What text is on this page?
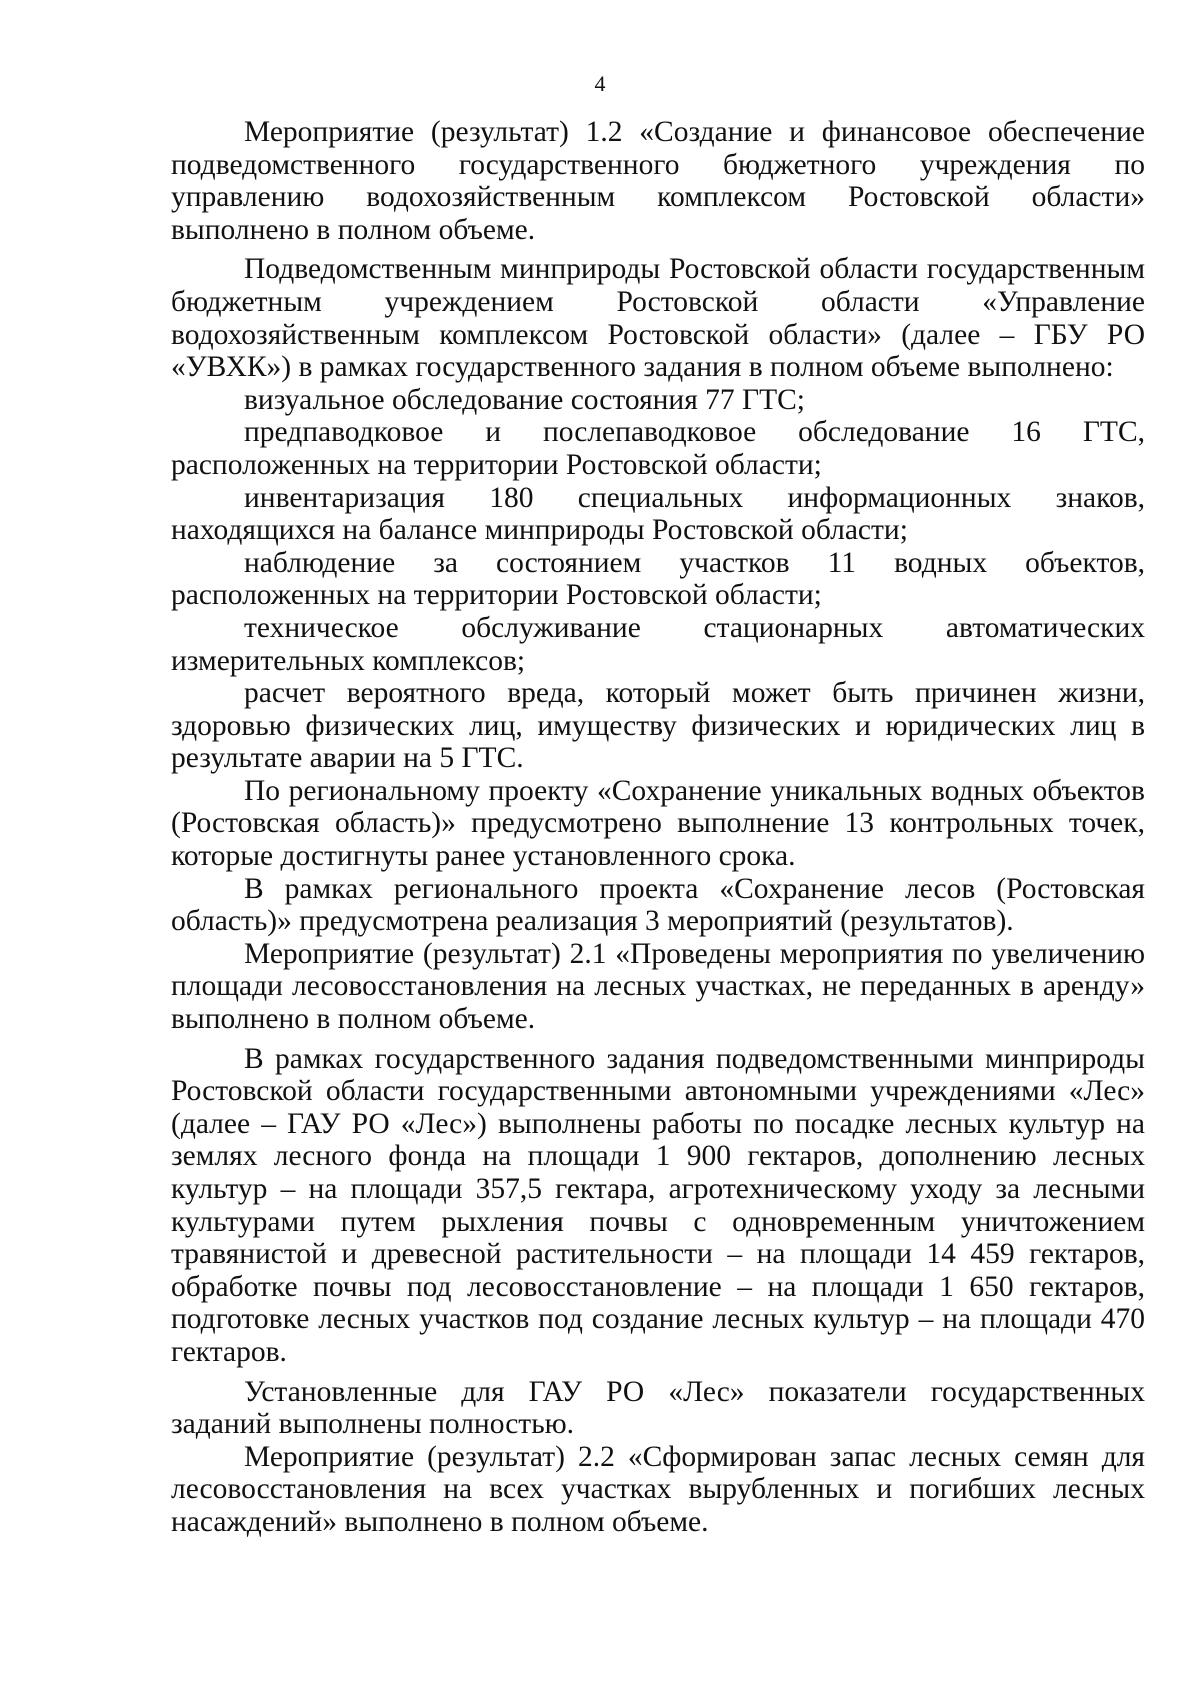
4

Мероприятие (результат) 1.2 «Создание и финансовое обеспечение подведомственного государственного бюджетного учреждения по управлению водохозяйственным комплексом Ростовской области» выполнено в полном объеме.

Подведомственным минприроды Ростовской области государственным бюджетным учреждением Ростовской области «Управление водохозяйственным комплексом Ростовской области» (далее – ГБУ РО «УВХК») в рамках государственного задания в полном объеме выполнено:

визуальное обследование состояния 77 ГТС;

предпаводковое и послепаводковое обследование 16 ГТС, расположенных на территории Ростовской области;

инвентаризация 180 специальных информационных знаков, находящихся на балансе минприроды Ростовской области;

наблюдение за состоянием участков 11 водных объектов, расположенных на территории Ростовской области;

техническое обслуживание стационарных автоматических измерительных комплексов;

расчет вероятного вреда, который может быть причинен жизни, здоровью физических лиц, имуществу физических и юридических лиц в результате аварии на 5 ГТС.

По региональному проекту «Сохранение уникальных водных объектов (Ростовская область)» предусмотрено выполнение 13 контрольных точек, которые достигнуты ранее установленного срока.

В рамках регионального проекта «Сохранение лесов (Ростовская область)» предусмотрена реализация 3 мероприятий (результатов).

Мероприятие (результат) 2.1 «Проведены мероприятия по увеличению площади лесовосстановления на лесных участках, не переданных в аренду» выполнено в полном объеме.

В рамках государственного задания подведомственными минприроды Ростовской области государственными автономными учреждениями «Лес» (далее – ГАУ РО «Лес») выполнены работы по посадке лесных культур на землях лесного фонда на площади 1 900 гектаров, дополнению лесных культур – на площади 357,5 гектара, агротехническому уходу за лесными культурами путем рыхления почвы с одновременным уничтожением травянистой и древесной растительности – на площади 14 459 гектаров, обработке почвы под лесовосстановление – на площади 1 650 гектаров, подготовке лесных участков под создание лесных культур – на площади 470 гектаров.

Установленные для ГАУ РО «Лес» показатели государственных заданий выполнены полностью.

Мероприятие (результат) 2.2 «Сформирован запас лесных семян для лесовосстановления на всех участках вырубленных и погибших лесных насаждений» выполнено в полном объеме.
